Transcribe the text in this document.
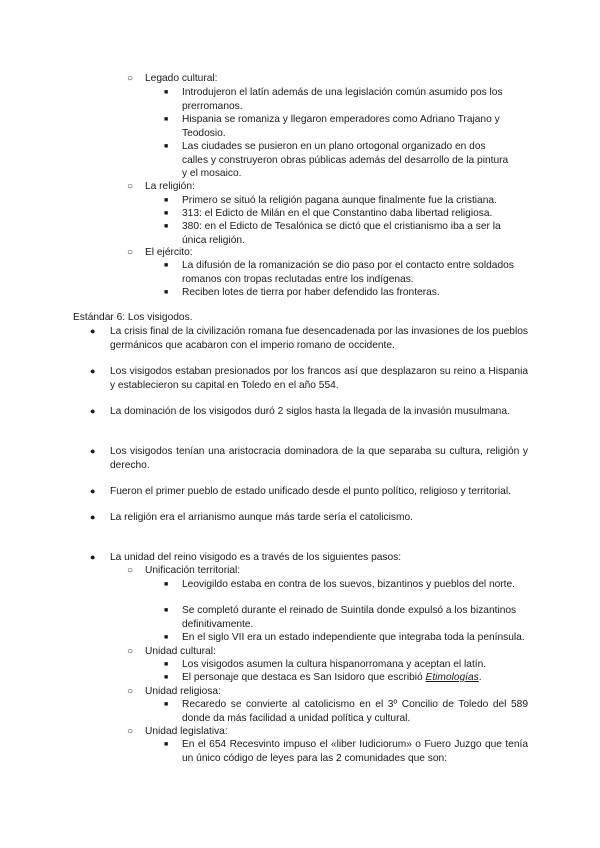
○ Legado cultural:
■ Introdujeron el latín además de una legislación común asumido pos los prerromanos.
■ Hispania se romaniza y llegaron emperadores como Adriano Trajano y Teodosio.
■ Las ciudades se pusieron en un plano ortogonal organizado en dos calles y construyeron obras públicas además del desarrollo de la pintura y el mosaico.
○ La religión:
■ Primero se situó la religión pagana aunque finalmente fue la cristiana.
■ 313: el Edicto de Milán en el que Constantino daba libertad religiosa.
■ 380: en el Edicto de Tesalónica se dictó que el cristianismo iba a ser la única religión.
○ El ejército:
■ La difusión de la romanización se dio paso por el contacto entre soldados romanos con tropas reclutadas entre los indígenas.
■ Reciben lotes de tierra por haber defendido las fronteras.
Estándar 6: Los visigodos.
● La crisis final de la civilización romana fue desencadenada por las invasiones de los pueblos germánicos que acabaron con el imperio romano de occidente.
● Los visigodos estaban presionados por los francos así que desplazaron su reino a Hispania y establecieron su capital en Toledo en el año 554.
● La dominación de los visigodos duró 2 siglos hasta la llegada de la invasión musulmana.
● Los visigodos tenían una aristocracia dominadora de la que separaba su cultura, religión y derecho.
● Fueron el primer pueblo de estado unificado desde el punto político, religioso y territorial.
● La religión era el arrianismo aunque más tarde sería el catolicismo.
● La unidad del reino visigodo es a través de los siguientes pasos:
○ Unificación territorial:
■ Leovigildo estaba en contra de los suevos, bizantinos y pueblos del norte.
■ Se completó durante el reinado de Suintila donde expulsó a los bizantinos definitivamente.
■ En el siglo VII era un estado independiente que integraba toda la península.
○ Unidad cultural:
■ Los visigodos asumen la cultura hispanorromana y aceptan el latín.
■ El personaje que destaca es San Isidoro que escribió Etimologías.
○ Unidad religiosa:
■ Recaredo se convierte al catolicismo en el 3º Concilio de Toledo del 589 donde da más facilidad a unidad política y cultural.
○ Unidad legislativa:
■ En el 654 Recesvinto impuso el «liber Iudiciorum» o Fuero Juzgo que tenía un único código de leyes para las 2 comunidades que son:
